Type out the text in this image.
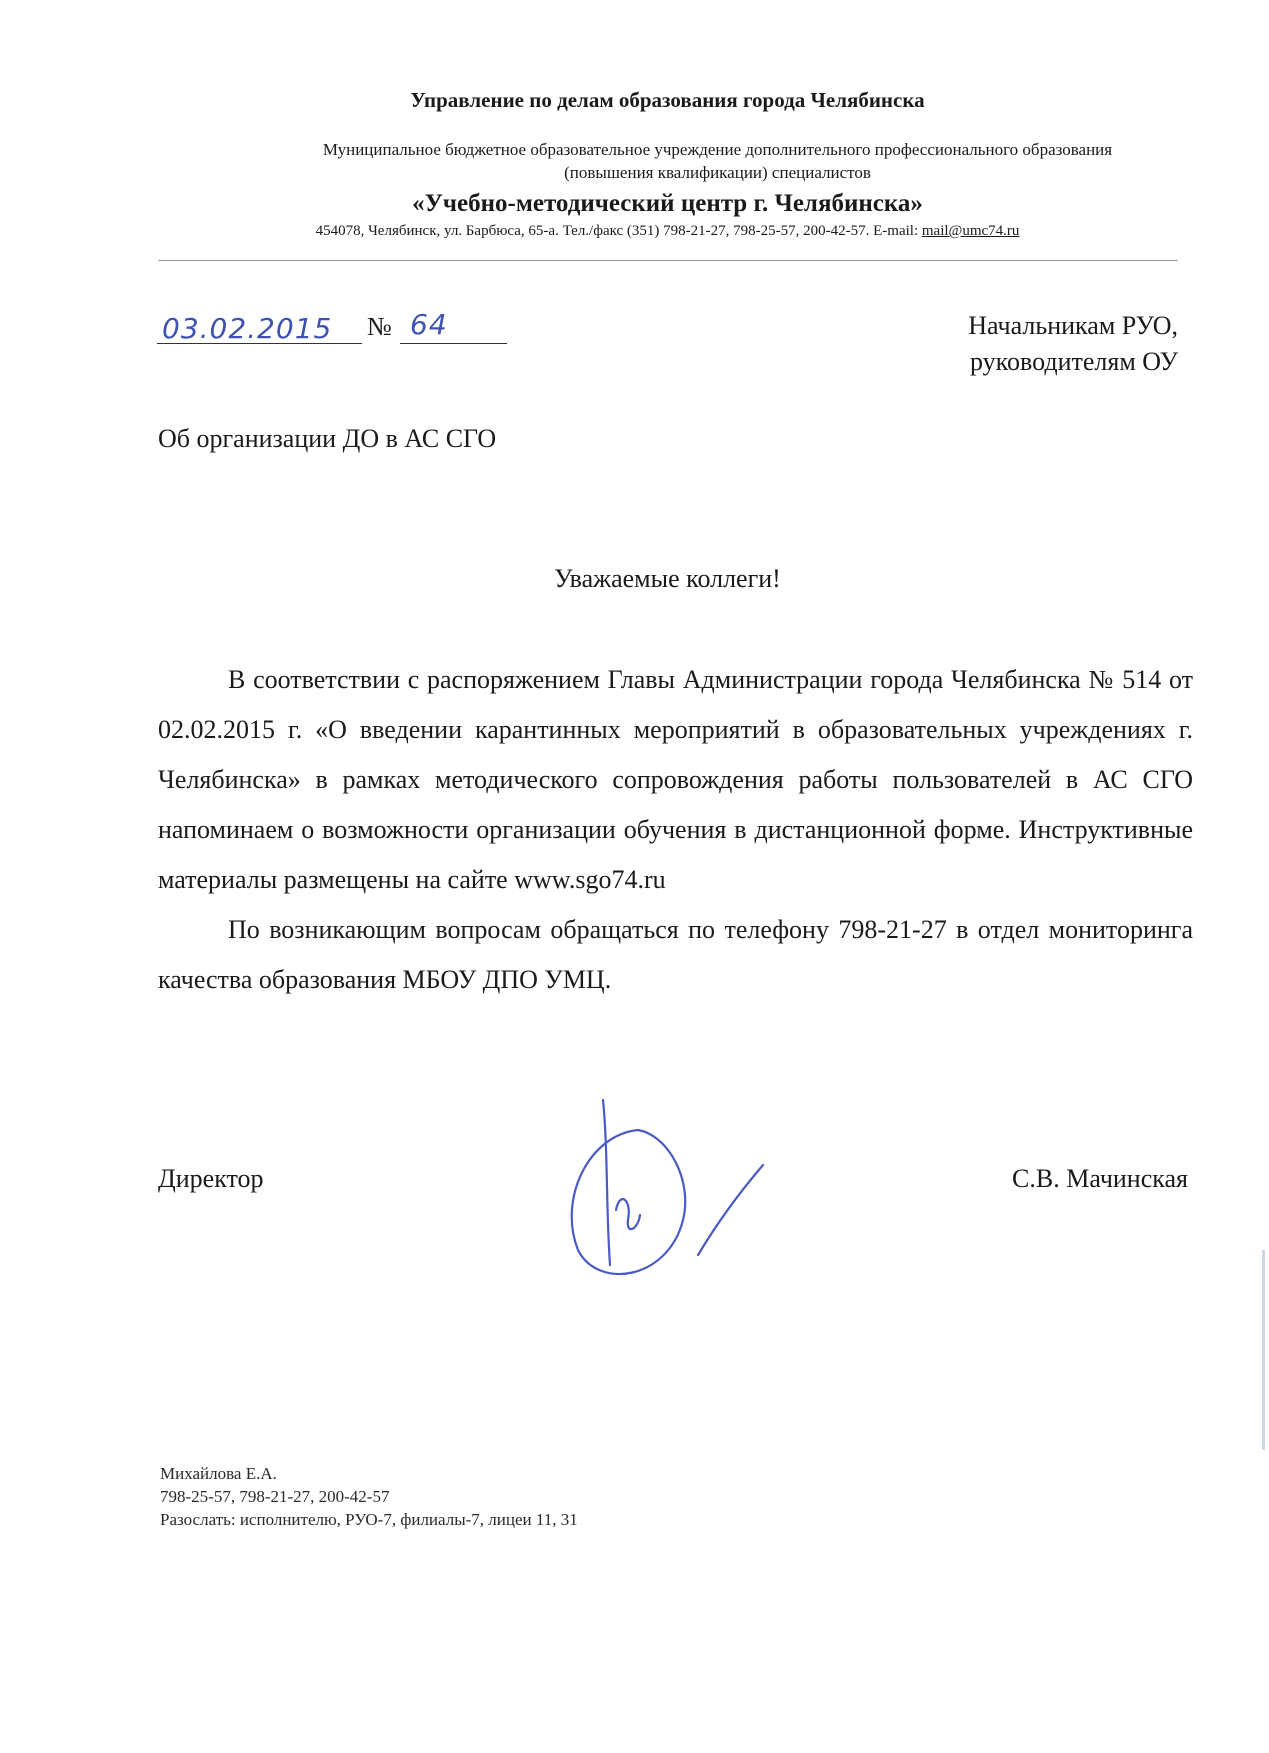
Управление по делам образования города Челябинска
Муниципальное бюджетное образовательное учреждение дополнительного профессионального образования
(повышения квалификации) специалистов
«Учебно-методический центр г. Челябинска»
454078, Челябинск, ул. Барбюса, 65-а. Тел./факс (351) 798-21-27, 798-25-57, 200-42-57. E-mail: mail@umc74.ru
03.02.2015 № 64	Начальникам РУО,
руководителям ОУ
Об организации ДО в АС СГО
Уважаемые коллеги!

В соответствии с распоряжением Главы Администрации города Челябинска № 514 от 02.02.2015 г. «О введении карантинных мероприятий в образовательных учреждениях г. Челябинска» в рамках методического сопровождения работы пользователей в АС СГО напоминаем о возможности организации обучения в дистанционной форме. Инструктивные материалы размещены на сайте www.sgo74.ru

По возникающим вопросам обращаться по телефону 798-21-27 в отдел мониторинга качества образования МБОУ ДПО УМЦ.

Директор	С.В. Мачинская
Михайлова Е.А.
798-25-57, 798-21-27, 200-42-57
Разослать: исполнителю, РУО-7, филиалы-7, лицеи 11, 31
